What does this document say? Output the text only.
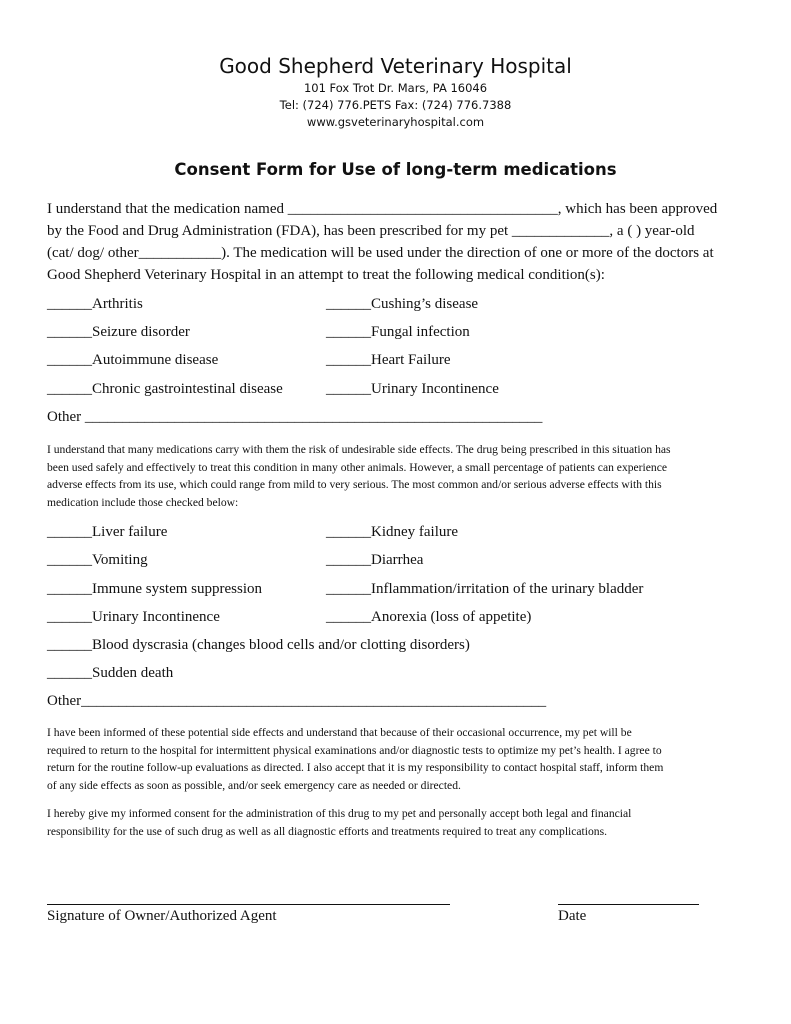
Good Shepherd Veterinary Hospital
101 Fox Trot Dr. Mars, PA 16046
Tel: (724) 776.PETS Fax: (724) 776.7388
www.gsveterinaryhospital.com
Consent Form for Use of long-term medications
I understand that the medication named ____________________________________, which has been approved
by the Food and Drug Administration (FDA), has been prescribed for my pet _____________, a ( ) year-old
(cat/ dog/ other___________). The medication will be used under the direction of one or more of the doctors at
Good Shepherd Veterinary Hospital in an attempt to treat the following medical condition(s):
______Arthritis	______Cushing’s disease
______Seizure disorder	______Fungal infection
______Autoimmune disease	______Heart Failure
______Chronic gastrointestinal disease	______Urinary Incontinence
Other _____________________________________________________________
I understand that many medications carry with them the risk of undesirable side effects. The drug being prescribed in this situation has
been used safely and effectively to treat this condition in many other animals. However, a small percentage of patients can experience
adverse effects from its use, which could range from mild to very serious. The most common and/or serious adverse effects with this
medication include those checked below:
______Liver failure	______Kidney failure
______Vomiting	______Diarrhea
______Immune system suppression	______Inflammation/irritation of the urinary bladder
______Urinary Incontinence	______Anorexia (loss of appetite)
______Blood dyscrasia (changes blood cells and/or clotting disorders)
______Sudden death
Other______________________________________________________________
I have been informed of these potential side effects and understand that because of their occasional occurrence, my pet will be
required to return to the hospital for intermittent physical examinations and/or diagnostic tests to optimize my pet’s health. I agree to
return for the routine follow-up evaluations as directed. I also accept that it is my responsibility to contact hospital staff, inform them
of any side effects as soon as possible, and/or seek emergency care as needed or directed.
I hereby give my informed consent for the administration of this drug to my pet and personally accept both legal and financial
responsibility for the use of such drug as well as all diagnostic efforts and treatments required to treat any complications.
Signature of Owner/Authorized Agent	Date
